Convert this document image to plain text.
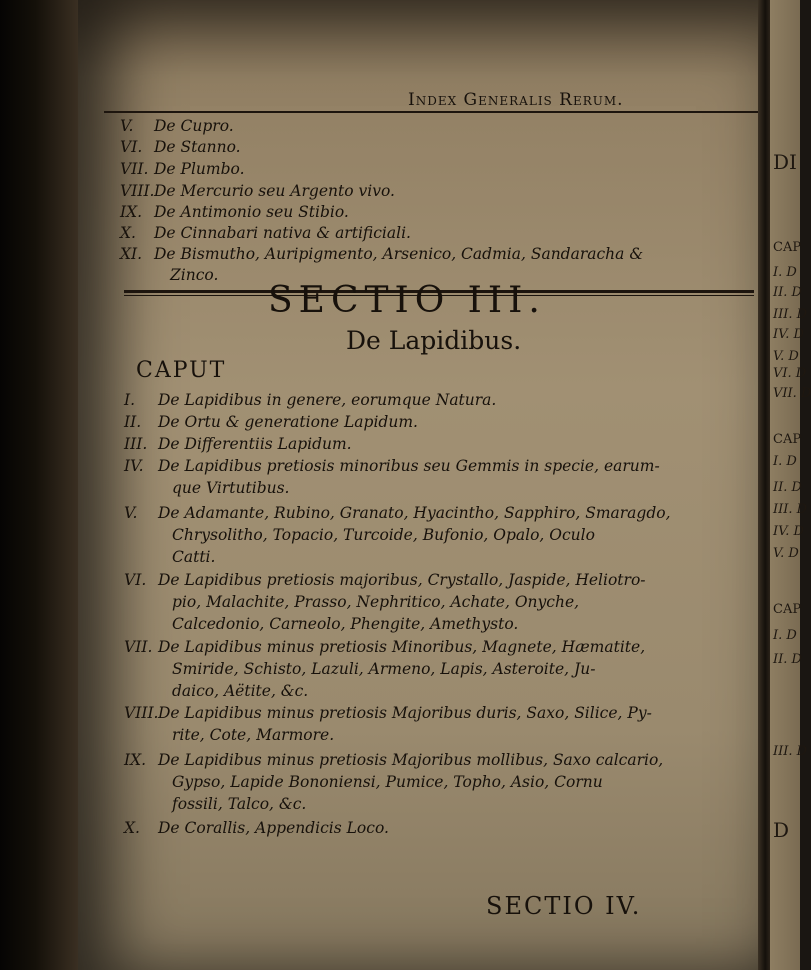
Index Generalis Rerum.
V. De Cupro.
VI. De Stanno.
VII. De Plumbo.
VIII.De Mercurio seu Argento vivo.
IX. De Antimonio seu Stibio.
X. De Cinnabari nativa & artificiali.
XI. De Bismutho, Auripigmento, Arsenico, Cadmia, Sandaracha &
Zinco.
SECTIO III.
De Lapidibus.
CAPUT
I. De Lapidibus in genere, eorumque Natura.
II. De Ortu & generatione Lapidum.
III. De Differentiis Lapidum.
IV. De Lapidibus pretiosis minoribus seu Gemmis in specie, earum-
que Virtutibus.
V. De Adamante, Rubino, Granato, Hyacintho, Sapphiro, Smaragdo,
Chrysolitho, Topacio, Turcoide, Bufonio, Opalo, Oculo
Catti.
VI. De Lapidibus pretiosis majoribus, Crystallo, Jaspide, Heliotro-
pio, Malachite, Prasso, Nephritico, Achate, Onyche,
Calcedonio, Carneolo, Phengite, Amethysto.
VII. De Lapidibus minus pretiosis Minoribus, Magnete, Hæmatite,
Smiride, Schisto, Lazuli, Armeno, Lapis, Asteroite, Ju-
daico, Aëtite, &c.
VIII.De Lapidibus minus pretiosis Majoribus duris, Saxo, Silice, Py-
rite, Cote, Marmore.
IX. De Lapidibus minus pretiosis Majoribus mollibus, Saxo calcario,
Gypso, Lapide Bononiensi, Pumice, Topho, Asio, Cornu
fossili, Talco, &c.
X. De Corallis, Appendicis Loco.
SECTIO IV.
DI
CAP
I. D
II. D
III. D
IV. D
V. D
VI. D
VII. D
CAP
I. D
II. D
III. D
IV. D
V. D
CAP
I. D
II. D
III. D
D
